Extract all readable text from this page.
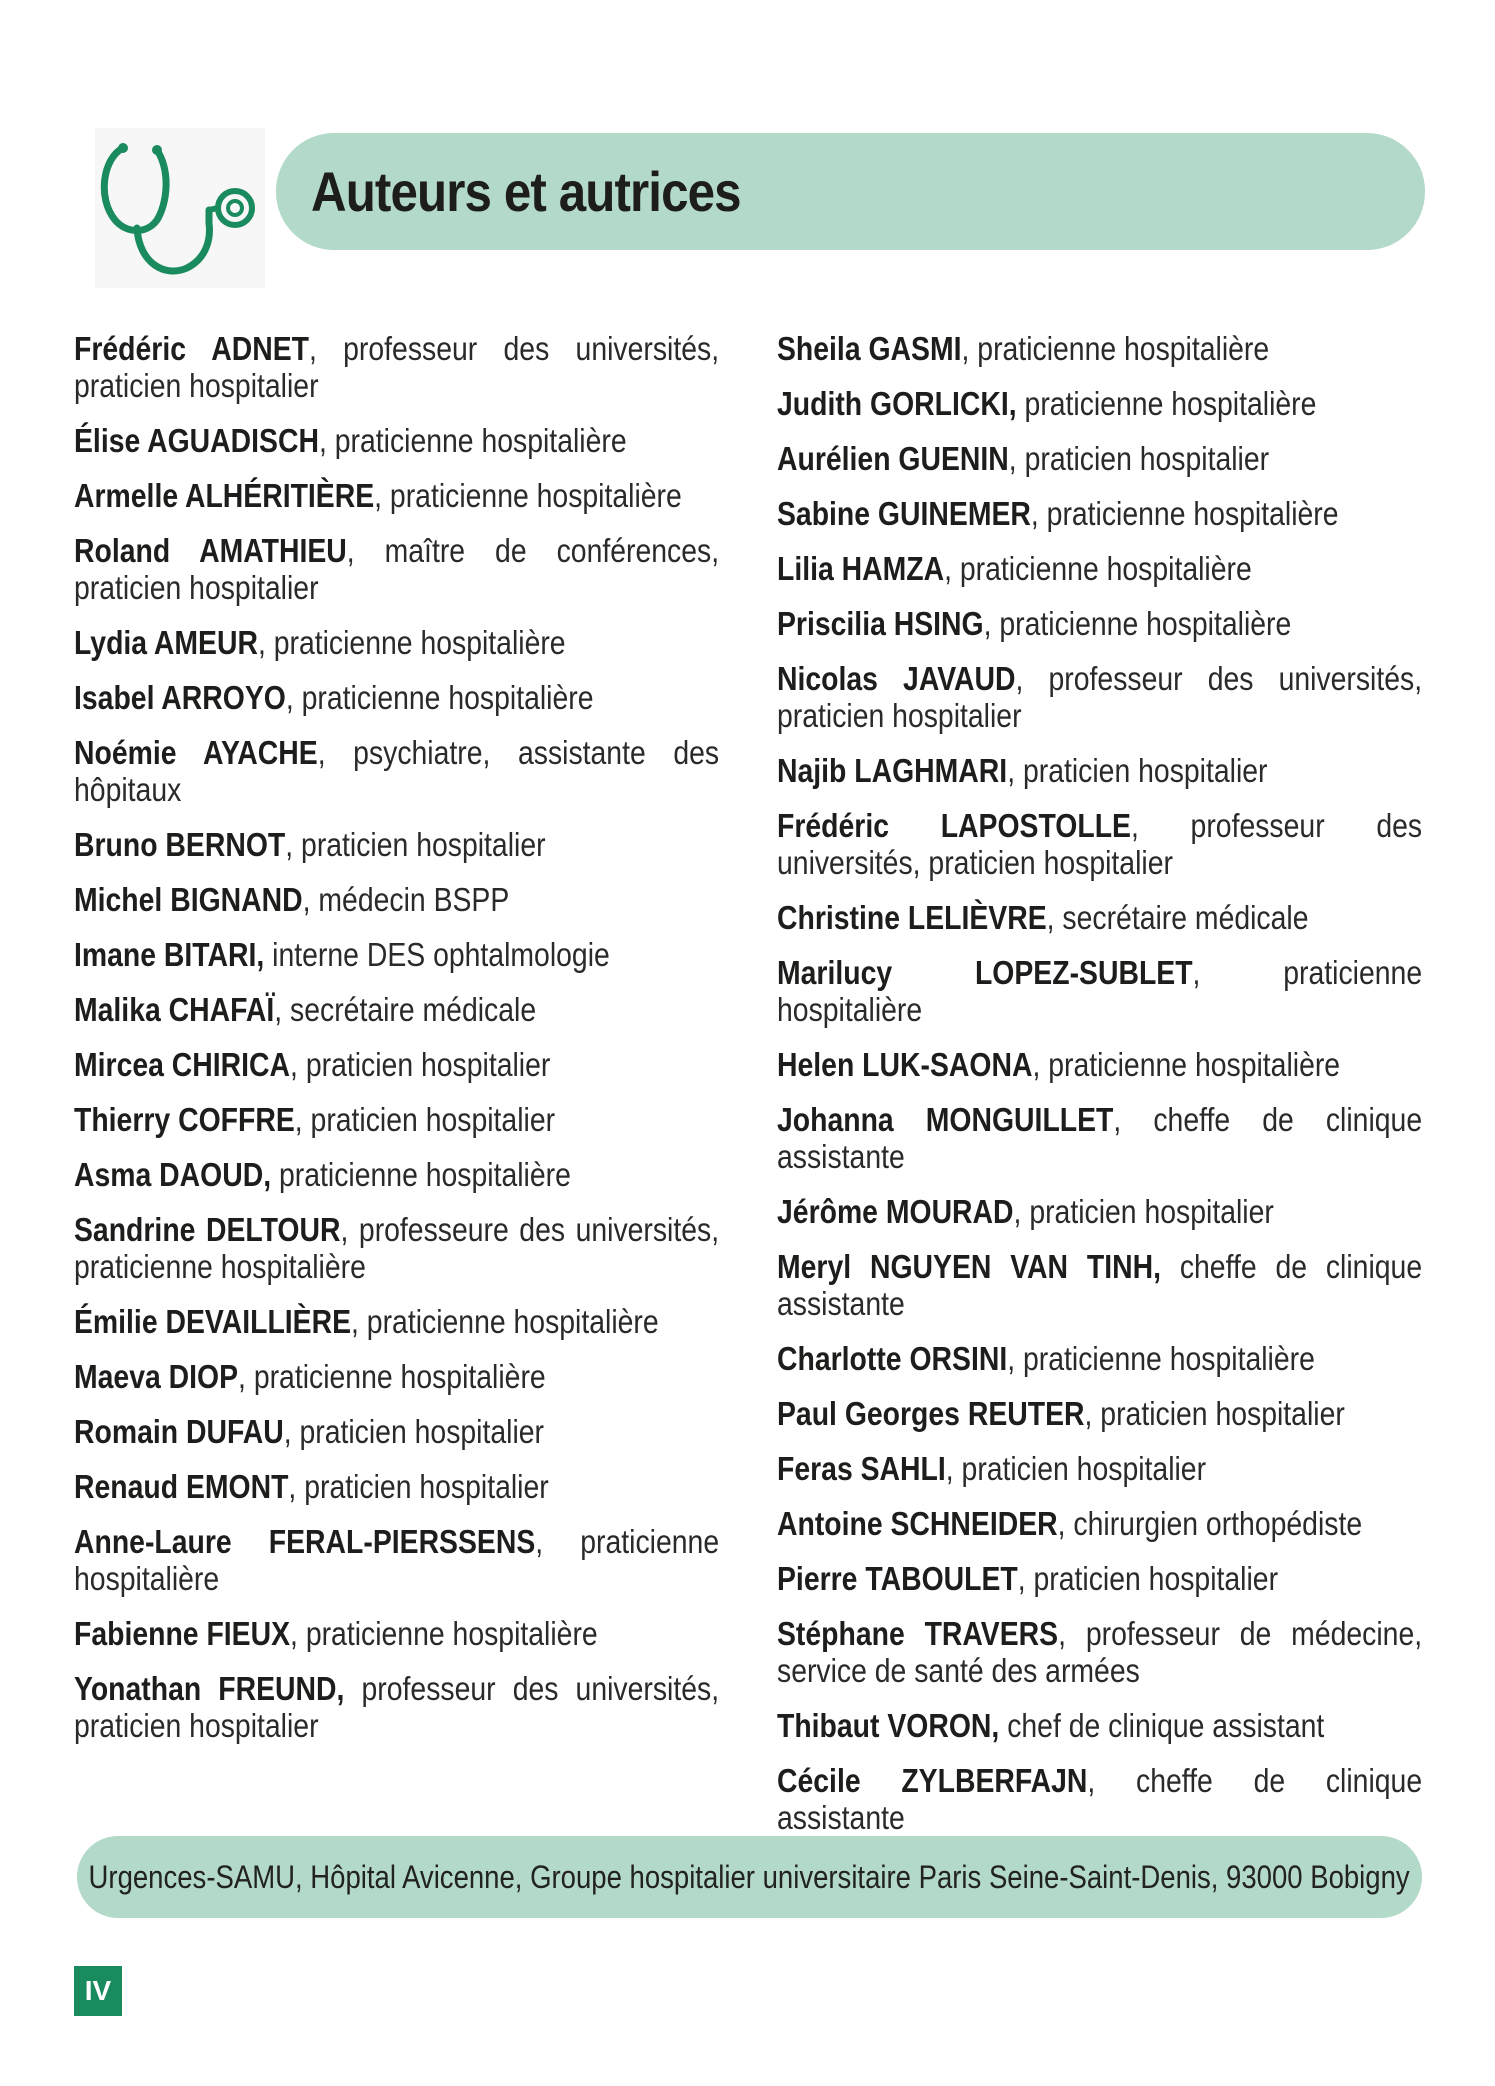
Auteurs et autrices

Frédéric ADNET, professeur des universités, praticien hospitalier

Élise AGUADISCH, praticienne hospitalière

Armelle ALHÉRITIÈRE, praticienne hospitalière

Roland AMATHIEU, maître de conférences, praticien hospitalier

Lydia AMEUR, praticienne hospitalière

Isabel ARROYO, praticienne hospitalière

Noémie AYACHE, psychiatre, assistante des hôpitaux

Bruno BERNOT, praticien hospitalier

Michel BIGNAND, médecin BSPP

Imane BITARI, interne DES ophtalmologie

Malika CHAFAÏ, secrétaire médicale

Mircea CHIRICA, praticien hospitalier

Thierry COFFRE, praticien hospitalier

Asma DAOUD, praticienne hospitalière

Sandrine DELTOUR, professeure des universités, praticienne hospitalière

Émilie DEVAILLIÈRE, praticienne hospitalière

Maeva DIOP, praticienne hospitalière

Romain DUFAU, praticien hospitalier

Renaud EMONT, praticien hospitalier

Anne-Laure FERAL-PIERSSENS, praticienne hospitalière

Fabienne FIEUX, praticienne hospitalière

Yonathan FREUND, professeur des universités, praticien hospitalier

Sheila GASMI, praticienne hospitalière

Judith GORLICKI, praticienne hospitalière

Aurélien GUENIN, praticien hospitalier

Sabine GUINEMER, praticienne hospitalière

Lilia HAMZA, praticienne hospitalière

Priscilia HSING, praticienne hospitalière

Nicolas JAVAUD, professeur des universités, praticien hospitalier

Najib LAGHMARI, praticien hospitalier

Frédéric LAPOSTOLLE, professeur des universités, praticien hospitalier

Christine LELIÈVRE, secrétaire médicale

Marilucy LOPEZ-SUBLET, praticienne hospitalière

Helen LUK-SAONA, praticienne hospitalière

Johanna MONGUILLET, cheffe de clinique assistante

Jérôme MOURAD, praticien hospitalier

Meryl NGUYEN VAN TINH, cheffe de clinique assistante

Charlotte ORSINI, praticienne hospitalière

Paul Georges REUTER, praticien hospitalier

Feras SAHLI, praticien hospitalier

Antoine SCHNEIDER, chirurgien orthopédiste

Pierre TABOULET, praticien hospitalier

Stéphane TRAVERS, professeur de médecine, service de santé des armées

Thibaut VORON, chef de clinique assistant

Cécile ZYLBERFAJN, cheffe de clinique assistante

Urgences-SAMU, Hôpital Avicenne, Groupe hospitalier universitaire Paris Seine-Saint-Denis, 93000 Bobigny
IV
